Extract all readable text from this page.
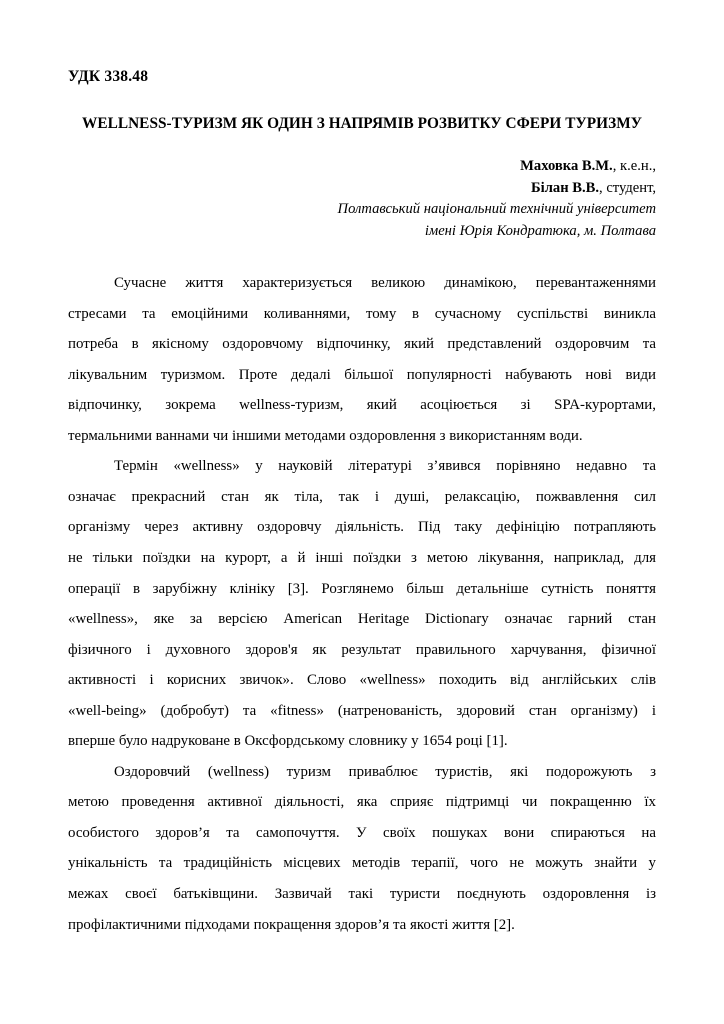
УДК 338.48
WELLNESS-ТУРИЗМ ЯК ОДИН З НАПРЯМІВ РОЗВИТКУ СФЕРИ ТУРИЗМУ
Маховка В.М., к.е.н.,
Білан В.В., студент,
Полтавський національний технічний університет
імені Юрія Кондратюка, м. Полтава

Сучасне життя характеризується великою динамікою, перевантаженнями
стресами та емоційними коливаннями, тому в сучасному суспільстві виникла
потреба в якісному оздоровчому відпочинку, який представлений оздоровчим та
лікувальним туризмом. Проте дедалі більшої популярності набувають нові види
відпочинку, зокрема wellness-туризм, який асоціюється зі SPA-курортами,
термальними ваннами чи іншими методами оздоровлення з використанням води.

Термін «wellness» у науковій літературі з’явився порівняно недавно та
означає прекрасний стан як тіла, так і душі, релаксацію, пожвавлення сил
організму через активну оздоровчу діяльність. Під таку дефініцію потрапляють
не тільки поїздки на курорт, а й інші поїздки з метою лікування, наприклад, для
операції в зарубіжну клініку [3]. Розглянемо більш детальніше сутність поняття
«wellness», яке за версією American Heritage Dictionary означає гарний стан
фізичного і духовного здоров'я як результат правильного харчування, фізичної
активності і корисних звичок». Слово «wellness» походить від англійських слів
«well-being» (добробут) та «fitness» (натренованість, здоровий стан організму) і
вперше було надруковане в Оксфордському словнику у 1654 році [1].

Оздоровчий (wellness) туризм приваблює туристів, які подорожують з
метою проведення активної діяльності, яка сприяє підтримці чи покращенню їх
особистого здоров’я та самопочуття. У своїх пошуках вони спираються на
унікальність та традиційність місцевих методів терапії, чого не можуть знайти у
межах своєї батьківщини. Зазвичай такі туристи поєднують оздоровлення із
профілактичними підходами покращення здоров’я та якості життя [2].
